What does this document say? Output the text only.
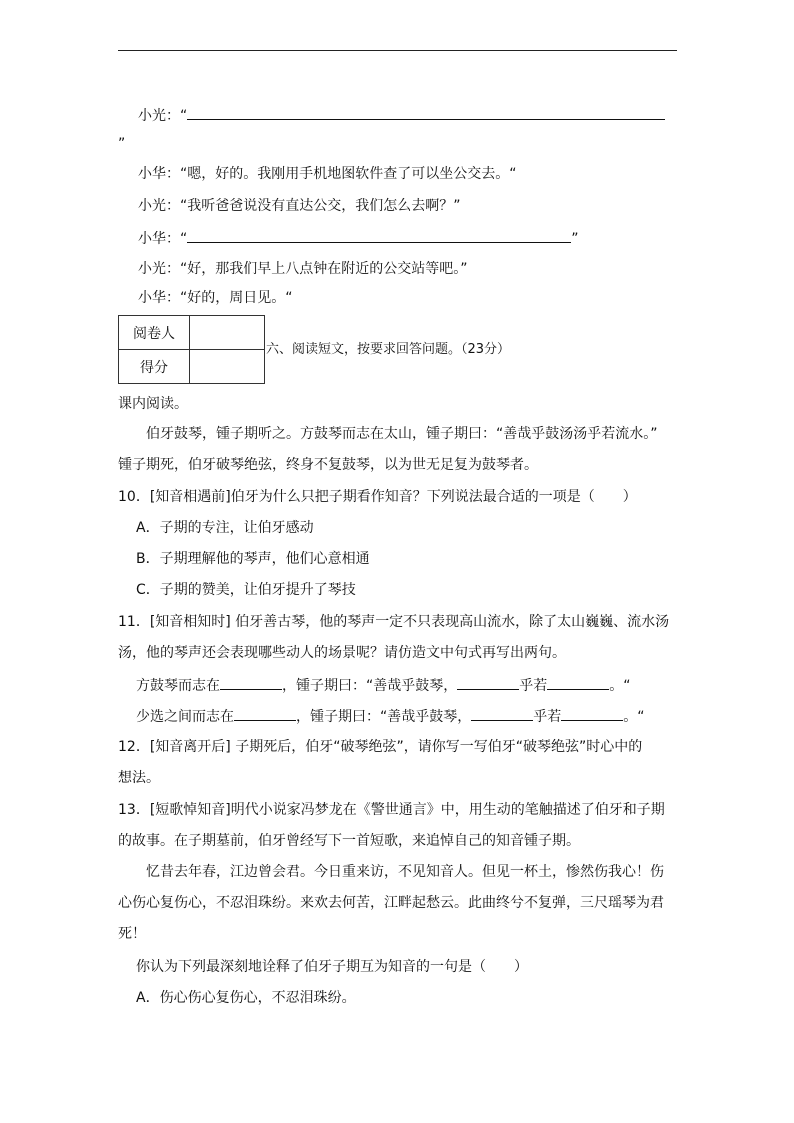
小光：“
”
小华：“嗯，好的。我刚用手机地图软件查了可以坐公交去。“
小光：“我听爸爸说没有直达公交，我们怎么去啊？”
小华：“	”
小光：“好，那我们早上八点钟在附近的公交站等吧。”
小华：“好的，周日见。“
阅卷人	
得分	
六、阅读短文，按要求回答问题。（23分）
课内阅读。
伯牙鼓琴，锺子期听之。方鼓琴而志在太山，锺子期曰：“善哉乎鼓汤汤乎若流水。”
锺子期死，伯牙破琴绝弦，终身不复鼓琴，以为世无足复为鼓琴者。
10．[知音相遇前]伯牙为什么只把子期看作知音？下列说法最合适的一项是（　　）
A．子期的专注，让伯牙感动
B．子期理解他的琴声，他们心意相通
C．子期的赞美，让伯牙提升了琴技
11．[知音相知时] 伯牙善古琴，他的琴声一定不只表现高山流水，除了太山巍巍、流水汤
汤，他的琴声还会表现哪些动人的场景呢？请仿造文中句式再写出两句。
方鼓琴而志在	，锺子期曰：“善哉乎鼓琴，	乎若	。“
少选之间而志在	，锺子期曰：“善哉乎鼓琴，	乎若	。“
12．[知音离开后] 子期死后，伯牙“破琴绝弦”，请你写一写伯牙“破琴绝弦”时心中的
想法。
13．[短歌悼知音]明代小说家冯梦龙在《警世通言》中，用生动的笔触描述了伯牙和子期
的故事。在子期墓前，伯牙曾经写下一首短歌，来追悼自己的知音锺子期。
忆昔去年春，江边曾会君。今日重来访，不见知音人。但见一杯土，惨然伤我心！伤
心伤心复伤心，不忍泪珠纷。来欢去何苦，江畔起愁云。此曲终兮不复弹，三尺瑶琴为君
死！
你认为下列最深刻地诠释了伯牙子期互为知音的一句是（　　）
A．伤心伤心复伤心，不忍泪珠纷。
